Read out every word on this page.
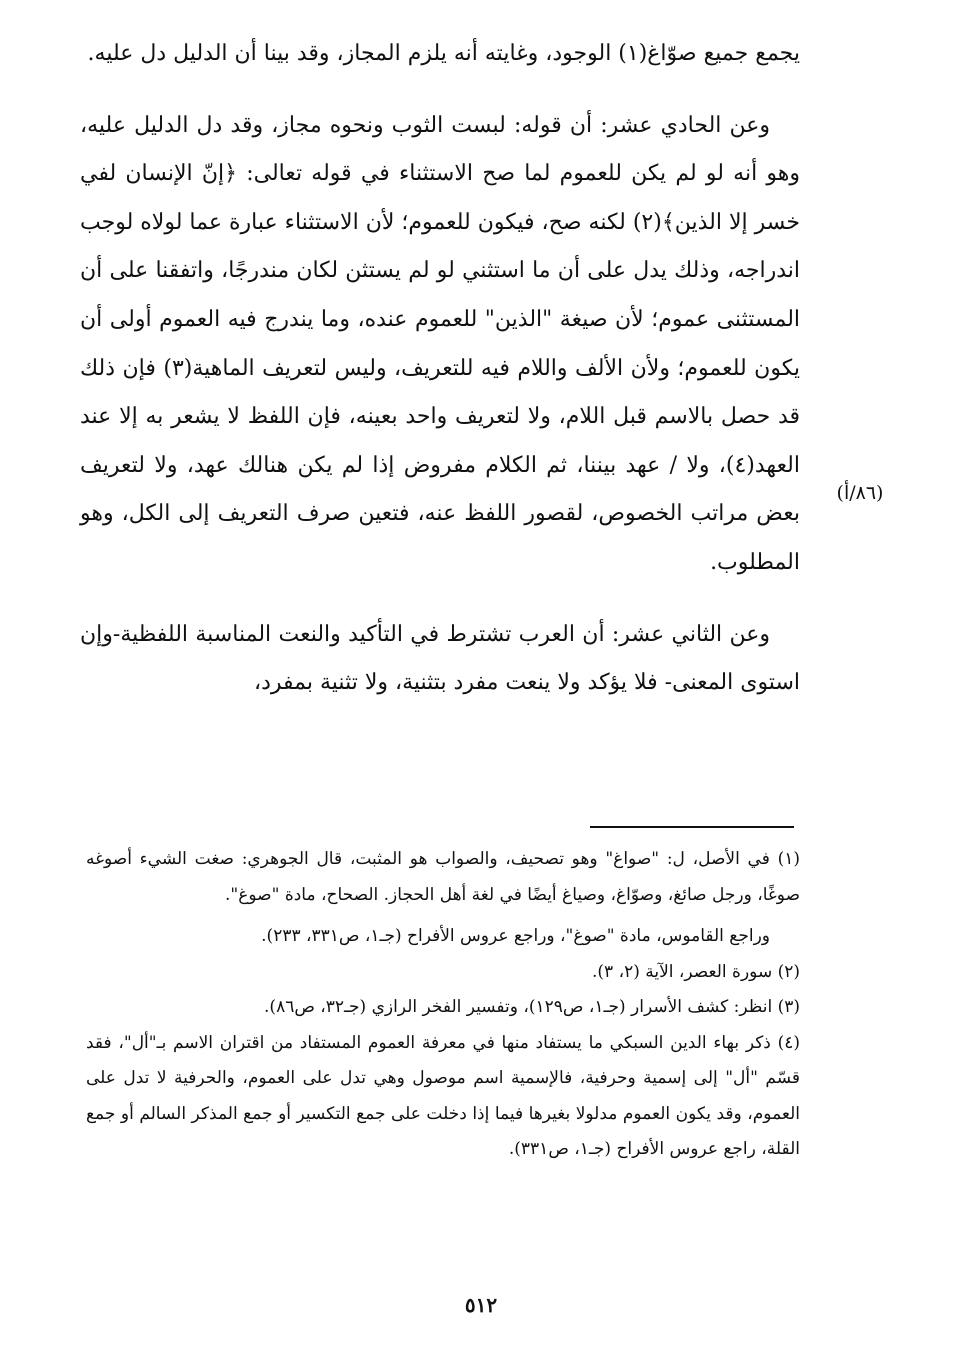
يجمع جميع صوّاغ(١) الوجود، وغايته أنه يلزم المجاز، وقد بينا أن الدليل دل عليه.

وعن الحادي عشر: أن قوله: لبست الثوب ونحوه مجاز، وقد دل الدليل عليه، وهو أنه لو لم يكن للعموم لما صح الاستثناء في قوله تعالى: ﴿إنّ الإنسان لفي خسر إلا الذين﴾(٢) لكنه صح، فيكون للعموم؛ لأن الاستثناء عبارة عما لولاه لوجب اندراجه، وذلك يدل على أن ما استثني لو لم يستثن لكان مندرجًا، واتفقنا على أن المستثنى عموم؛ لأن صيغة "الذين" للعموم عنده، وما يندرج فيه العموم أولى أن يكون للعموم؛ ولأن الألف واللام فيه للتعريف، وليس لتعريف الماهية(٣) فإن ذلك قد حصل بالاسم قبل اللام، ولا لتعريف واحد بعينه، فإن اللفظ لا يشعر به إلا عند العهد(٤)، ولا / عهد بيننا، ثم الكلام مفروض إذا لم يكن هنالك عهد، ولا لتعريف بعض مراتب الخصوص، لقصور اللفظ عنه، فتعين صرف التعريف إلى الكل، وهو المطلوب.

وعن الثاني عشر: أن العرب تشترط في التأكيد والنعت المناسبة اللفظية-وإن استوى المعنى- فلا يؤكد ولا ينعت مفرد بتثنية، ولا تثنية بمفرد،

(٨٦/أ)

(١) في الأصل، ل: "صواغ" وهو تصحيف، والصواب هو المثبت، قال الجوهري: صغت الشيء أصوغه صوغًا، ورجل صائغ، وصوّاغ، وصياغ أيضًا في لغة أهل الحجاز. الصحاح، مادة "صوغ".

وراجع القاموس، مادة "صوغ"، وراجع عروس الأفراح (جـ١، ص٣٣١، ٢٣٣).

(٢) سورة العصر، الآية (٢، ٣).

(٣) انظر: كشف الأسرار (جـ١، ص١٢٩)، وتفسير الفخر الرازي (جـ٣٢، ص٨٦).

(٤) ذكر بهاء الدين السبكي ما يستفاد منها في معرفة العموم المستفاد من اقتران الاسم بـ"أل"، فقد قسّم "أل" إلى إسمية وحرفية، فالإسمية اسم موصول وهي تدل على العموم، والحرفية لا تدل على العموم، وقد يكون العموم مدلولا بغيرها فيما إذا دخلت على جمع التكسير أو جمع المذكر السالم أو جمع القلة، راجع عروس الأفراح (جـ١، ص٣٣١).

٥١٢
